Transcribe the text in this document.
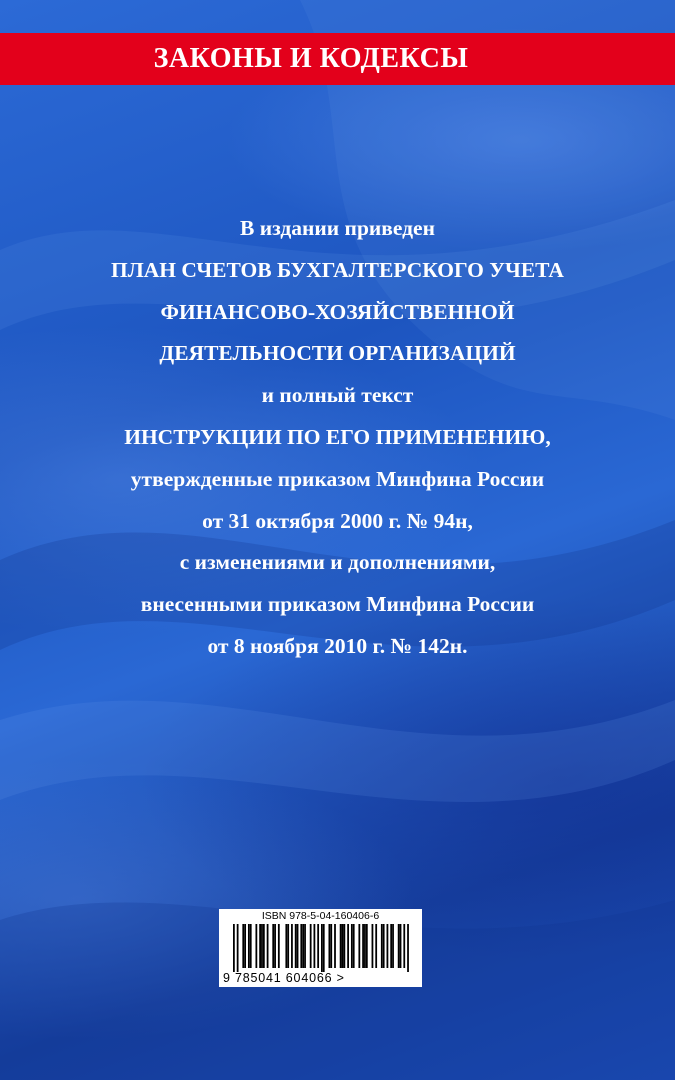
ЗАКОНЫ И КОДЕКСЫ
В издании приведен
ПЛАН СЧЕТОВ БУХГАЛТЕРСКОГО УЧЕТА
ФИНАНСОВО-ХОЗЯЙСТВЕННОЙ
ДЕЯТЕЛЬНОСТИ ОРГАНИЗАЦИЙ
и полный текст
ИНСТРУКЦИИ ПО ЕГО ПРИМЕНЕНИЮ,
утвержденные приказом Минфина России
от 31 октября 2000 г. № 94н,
с изменениями и дополнениями,
внесенными приказом Минфина России
от 8 ноября 2010 г. № 142н.
ISBN 978-5-04-160406-6
9 785041 604066 >
